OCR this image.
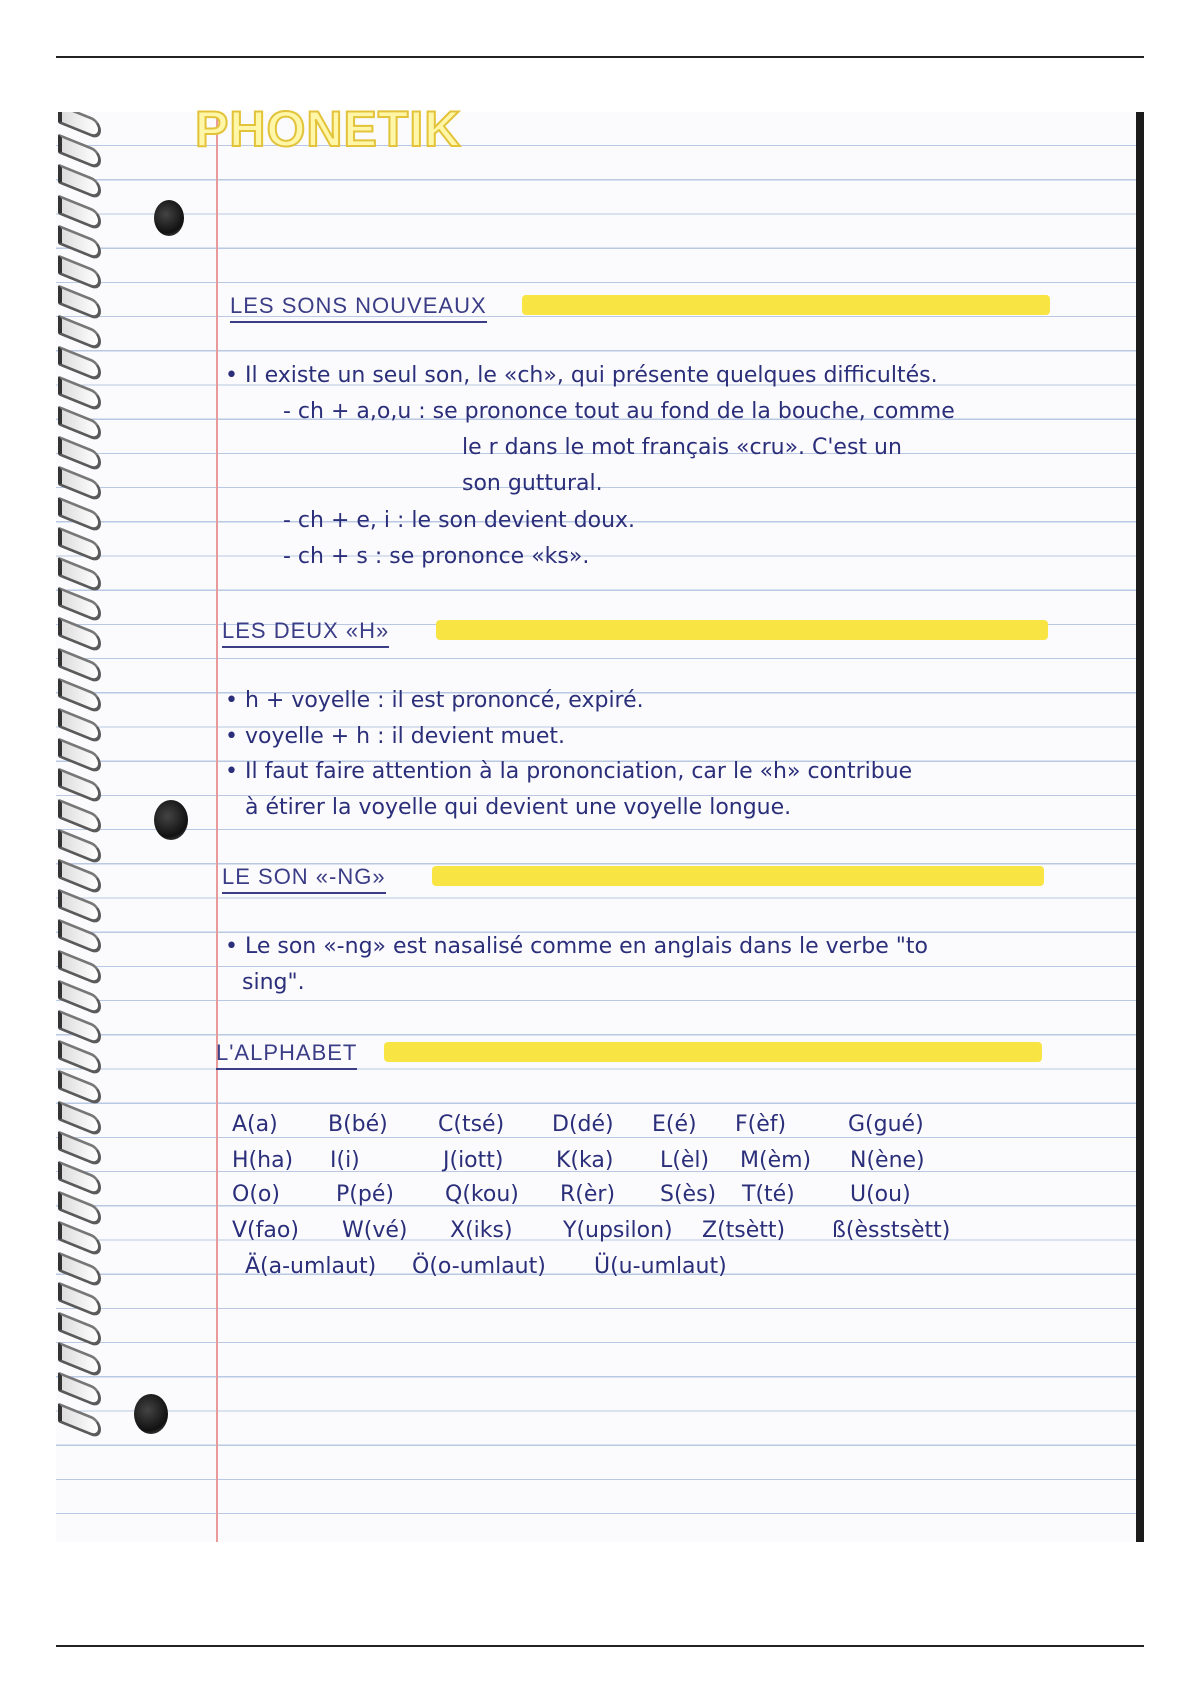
PHONETIK
LES SONS NOUVEAUX

• Il existe un seul son, le «ch», qui présente quelques difficultés.

- ch + a,o,u : se prononce tout au fond de la bouche, comme

le r dans le mot français «cru». C'est un

son guttural.

- ch + e, i : le son devient doux.

- ch + s : se prononce «ks».

LES DEUX «H»

• h + voyelle : il est prononcé, expiré.

• voyelle + h : il devient muet.

• Il faut faire attention à la prononciation, car le «h» contribue

à étirer la voyelle qui devient une voyelle longue.

LE SON «-NG»

• Le son «-ng» est nasalisé comme en anglais dans le verbe "to

sing".

L'ALPHABET

A(a) B(bé) C(tsé) D(dé) E(é) F(èf)	G(gué)

H(ha) I(i)	J(iott) K(ka) L(èl) M(èm) N(ène)

O(o)	P(pé) Q(kou) R(èr) S(ès) T(té)	U(ou)

V(fao) W(vé) X(iks) Y(upsilon) Z(tsètt) ß(èsstsètt)

Ä(a-umlaut) Ö(o-umlaut) Ü(u-umlaut)
